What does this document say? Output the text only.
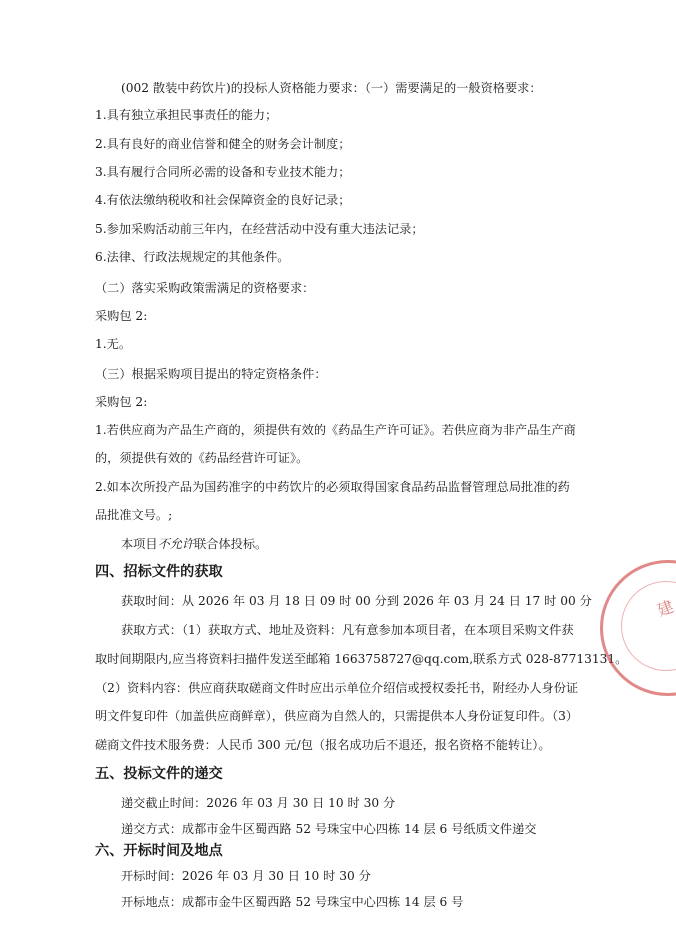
(002 散装中药饮片)的投标人资格能力要求：（一）需要满足的一般资格要求：

1.具有独立承担民事责任的能力；

2.具有良好的商业信誉和健全的财务会计制度；

3.具有履行合同所必需的设备和专业技术能力；

4.有依法缴纳税收和社会保障资金的良好记录；

5.参加采购活动前三年内，在经营活动中没有重大违法记录；

6.法律、行政法规规定的其他条件。

（二）落实采购政策需满足的资格要求：

采购包 2:

1.无。

（三）根据采购项目提出的特定资格条件：

采购包 2:

1.若供应商为产品生产商的，须提供有效的《药品生产许可证》。若供应商为非产品生产商

的，须提供有效的《药品经营许可证》。

2.如本次所投产品为国药准字的中药饮片的必须取得国家食品药品监督管理总局批准的药

品批准文号。;

本项目不允许联合体投标。

四、招标文件的获取

获取时间：从 2026 年 03 月 18 日 09 时 00 分到 2026 年 03 月 24 日 17 时 00 分

获取方式：（1）获取方式、地址及资料：凡有意参加本项目者，在本项目采购文件获

取时间期限内,应当将资料扫描件发送至邮箱 1663758727@qq.com,联系方式 028-87713131。

（2）资料内容：供应商获取磋商文件时应出示单位介绍信或授权委托书，附经办人身份证

明文件复印件（加盖供应商鲜章），供应商为自然人的，只需提供本人身份证复印件。（3）

磋商文件技术服务费：人民币 300 元/包（报名成功后不退还，报名资格不能转让）。

五、投标文件的递交

递交截止时间：2026 年 03 月 30 日 10 时 30 分

递交方式：成都市金牛区蜀西路 52 号珠宝中心四栋 14 层 6 号纸质文件递交

六、开标时间及地点

开标时间：2026 年 03 月 30 日 10 时 30 分

开标地点：成都市金牛区蜀西路 52 号珠宝中心四栋 14 层 6 号

建
